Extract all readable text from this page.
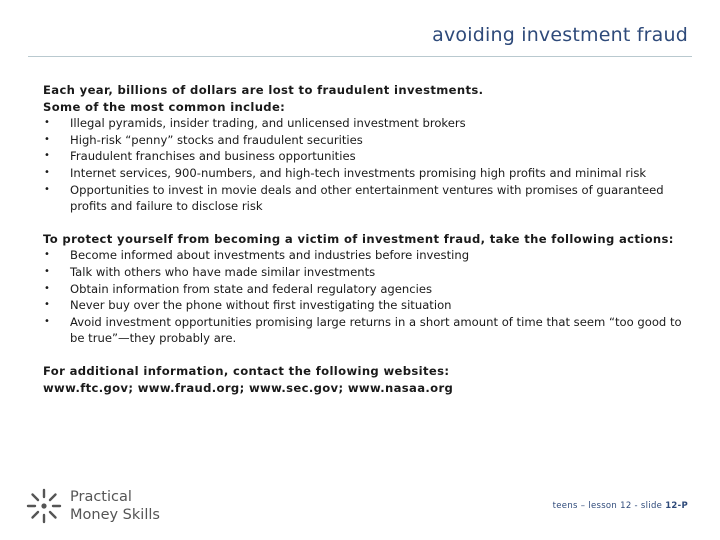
avoiding investment fraud
Each year, billions of dollars are lost to fraudulent investments.
Some of the most common include:
• Illegal pyramids, insider trading, and unlicensed investment brokers
• High-risk “penny” stocks and fraudulent securities
• Fraudulent franchises and business opportunities
• Internet services, 900-numbers, and high-tech investments promising high profits and minimal risk
• Opportunities to invest in movie deals and other entertainment ventures with promises of guaranteed profits and failure to disclose risk
To protect yourself from becoming a victim of investment fraud, take the following actions:
• Become informed about investments and industries before investing
• Talk with others who have made similar investments
• Obtain information from state and federal regulatory agencies
• Never buy over the phone without first investigating the situation
• Avoid investment opportunities promising large returns in a short amount of time that seem “too good to be true”—they probably are.
For additional information, contact the following websites:
www.ftc.gov; www.fraud.org; www.sec.gov; www.nasaa.org
Practical
Money Skills
teens – lesson 12 - slide 12-P
